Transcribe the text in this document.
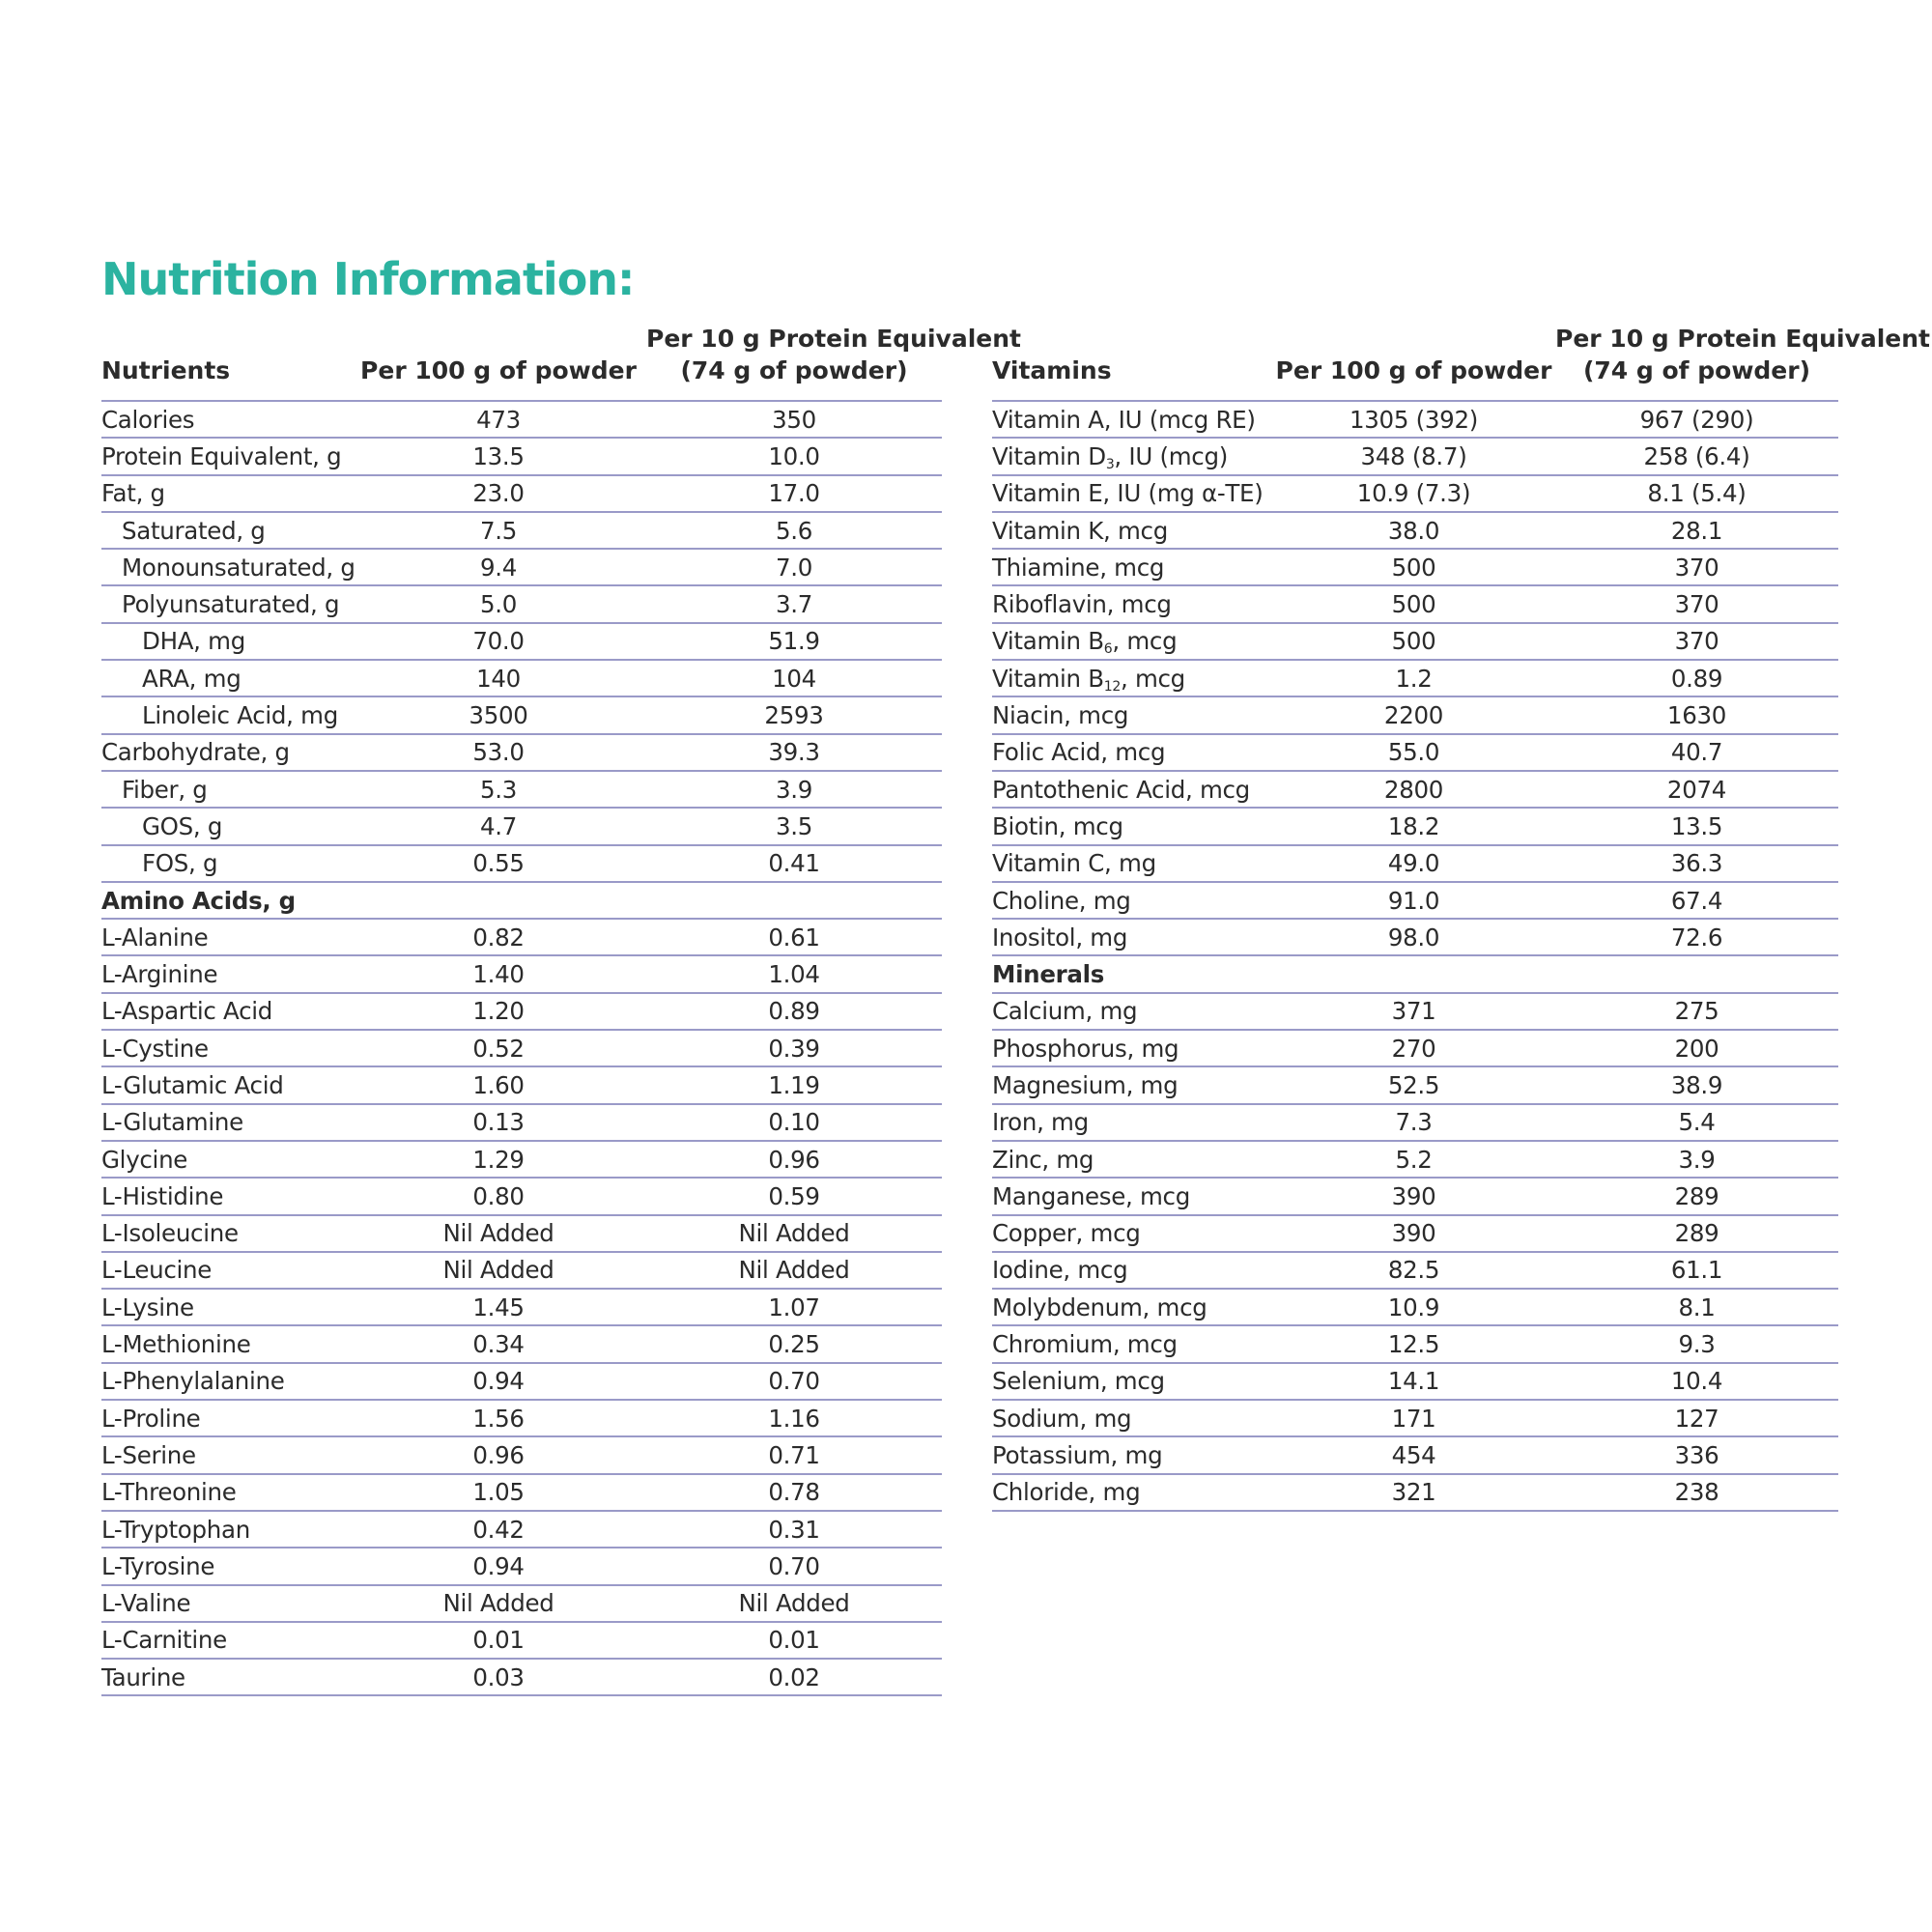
Nutrition Information:
Nutrients	Per 100 g of powder	Per 10 g Protein Equivalent
(74 g of powder)
Calories	473	350
Protein Equivalent, g	13.5	10.0
Fat, g	23.0	17.0
Saturated, g	7.5	5.6
Monounsaturated, g	9.4	7.0
Polyunsaturated, g	5.0	3.7
DHA, mg	70.0	51.9
ARA, mg	140	104
Linoleic Acid, mg	3500	2593
Carbohydrate, g	53.0	39.3
Fiber, g	5.3	3.9
GOS, g	4.7	3.5
FOS, g	0.55	0.41
Amino Acids, g		
L-Alanine	0.82	0.61
L-Arginine	1.40	1.04
L-Aspartic Acid	1.20	0.89
L-Cystine	0.52	0.39
L-Glutamic Acid	1.60	1.19
L-Glutamine	0.13	0.10
Glycine	1.29	0.96
L-Histidine	0.80	0.59
L-Isoleucine	Nil Added	Nil Added
L-Leucine	Nil Added	Nil Added
L-Lysine	1.45	1.07
L-Methionine	0.34	0.25
L-Phenylalanine	0.94	0.70
L-Proline	1.56	1.16
L-Serine	0.96	0.71
L-Threonine	1.05	0.78
L-Tryptophan	0.42	0.31
L-Tyrosine	0.94	0.70
L-Valine	Nil Added	Nil Added
L-Carnitine	0.01	0.01
Taurine	0.03	0.02
Vitamins	Per 100 g of powder	Per 10 g Protein Equivalent
(74 g of powder)
Vitamin A, IU (mcg RE)	1305 (392)	967 (290)
Vitamin $D_3$, IU (mcg)	348 (8.7)	258 (6.4)
Vitamin E, IU (mg α-TE)	10.9 (7.3)	8.1 (5.4)
Vitamin K, mcg	38.0	28.1
Thiamine, mcg	500	370
Riboflavin, mcg	500	370
Vitamin $B_6$, mcg	500	370
Vitamin $B_{12}$, mcg	1.2	0.89
Niacin, mcg	2200	1630
Folic Acid, mcg	55.0	40.7
Pantothenic Acid, mcg	2800	2074
Biotin, mcg	18.2	13.5
Vitamin C, mg	49.0	36.3
Choline, mg	91.0	67.4
Inositol, mg	98.0	72.6
Minerals		
Calcium, mg	371	275
Phosphorus, mg	270	200
Magnesium, mg	52.5	38.9
Iron, mg	7.3	5.4
Zinc, mg	5.2	3.9
Manganese, mcg	390	289
Copper, mcg	390	289
Iodine, mcg	82.5	61.1
Molybdenum, mcg	10.9	8.1
Chromium, mcg	12.5	9.3
Selenium, mcg	14.1	10.4
Sodium, mg	171	127
Potassium, mg	454	336
Chloride, mg	321	238
